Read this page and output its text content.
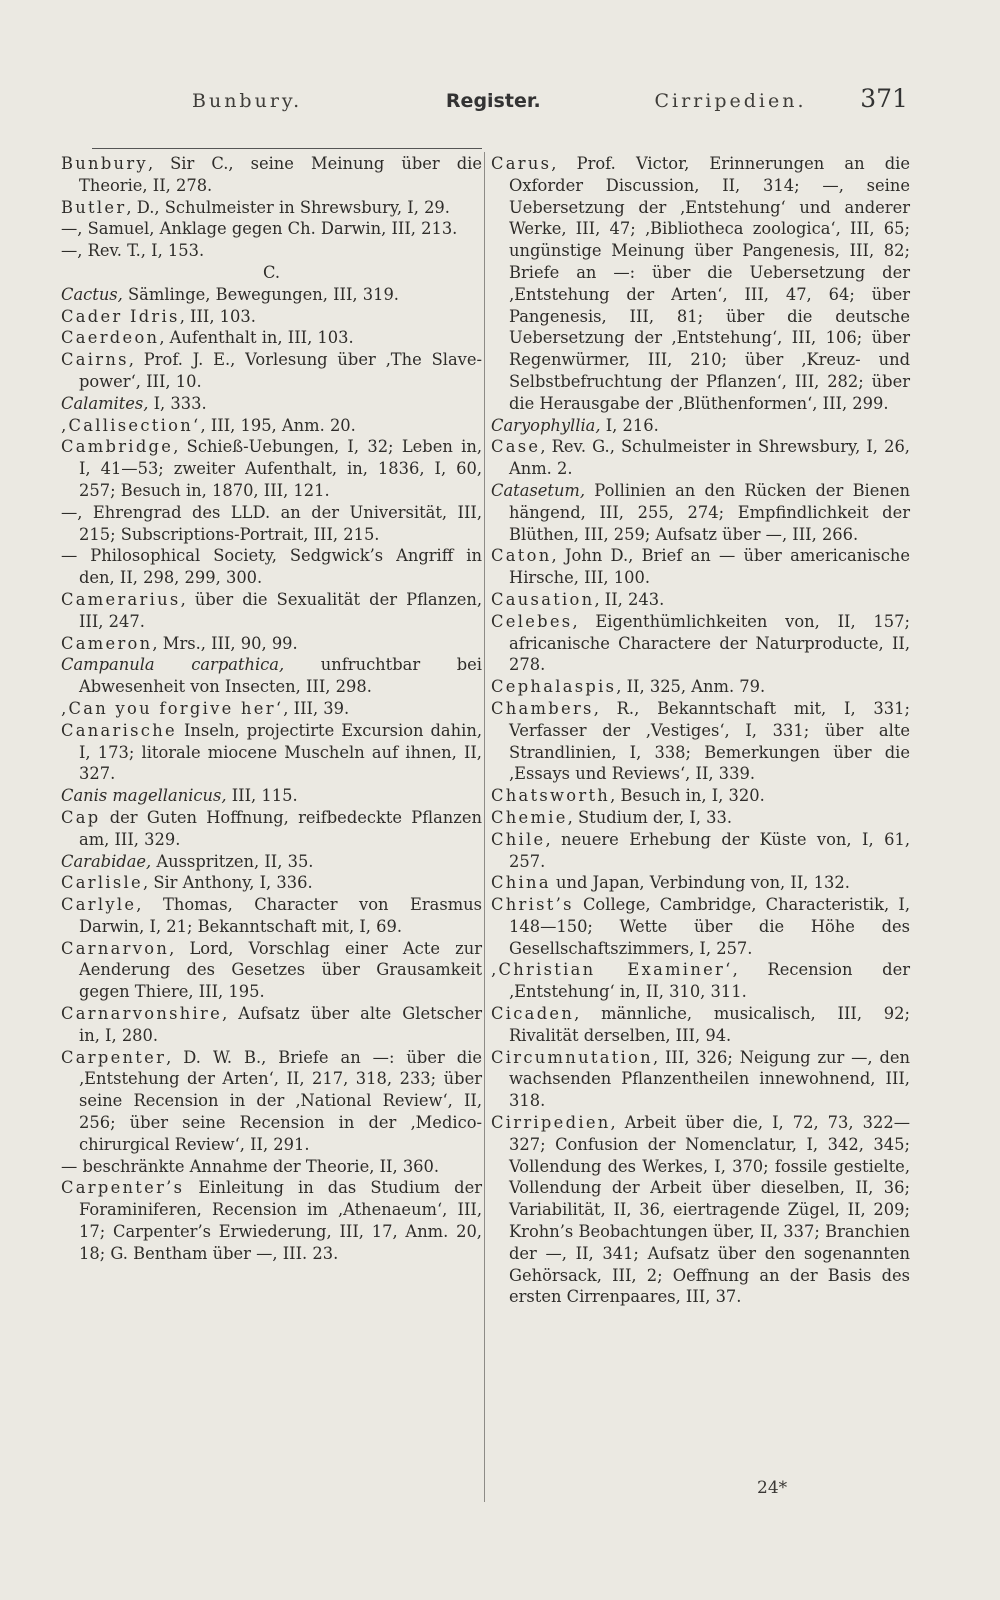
Bunbury.	Register.	Cirripedien. 371

Bunbury, Sir C., seine Meinung über die Theorie, II, 278.

Butler, D., Schulmeister in Shrewsbury, I, 29.

—, Samuel, Anklage gegen Ch. Darwin, III, 213.

—, Rev. T., I, 153.

C.

Cactus, Sämlinge, Bewegungen, III, 319.

Cader Idris, III, 103.

Caerdeon, Aufenthalt in, III, 103.

Cairns, Prof. J. E., Vorlesung über ‚The Slave-power‘, III, 10.

Calamites, I, 333.

‚Callisection‘, III, 195, Anm. 20.

Cambridge, Schieß-Uebungen, I, 32; Leben in, I, 41—53; zweiter Aufenthalt, in, 1836, I, 60, 257; Besuch in, 1870, III, 121.

—, Ehrengrad des LLD. an der Universität, III, 215; Subscriptions-Portrait, III, 215.

— Philosophical Society, Sedgwick’s Angriff in den, II, 298, 299, 300.

Camerarius, über die Sexualität der Pflanzen, III, 247.

Cameron, Mrs., III, 90, 99.

Campanula carpathica, unfruchtbar bei Abwesenheit von Insecten, III, 298.

‚Can you forgive her‘, III, 39.

Canarische Inseln, projectirte Excursion dahin, I, 173; litorale miocene Muscheln auf ihnen, II, 327.

Canis magellanicus, III, 115.

Cap der Guten Hoffnung, reifbedeckte Pflanzen am, III, 329.

Carabidae, Ausspritzen, II, 35.

Carlisle, Sir Anthony, I, 336.

Carlyle, Thomas, Character von Erasmus Darwin, I, 21; Bekanntschaft mit, I, 69.

Carnarvon, Lord, Vorschlag einer Acte zur Aenderung des Gesetzes über Grausamkeit gegen Thiere, III, 195.

Carnarvonshire, Aufsatz über alte Gletscher in, I, 280.

Carpenter, D. W. B., Briefe an —: über die ‚Entstehung der Arten‘, II, 217, 318, 233; über seine Recension in der ‚National Review‘, II, 256; über seine Recension in der ‚Medico-chirurgical Review‘, II, 291.

— beschränkte Annahme der Theorie, II, 360.

Carpenter’s Einleitung in das Studium der Foraminiferen, Recension im ‚Athenaeum‘, III, 17; Carpenter’s Erwiederung, III, 17, Anm. 20, 18; G. Bentham über —, III. 23.

Carus, Prof. Victor, Erinnerungen an die Oxforder Discussion, II, 314; —, seine Uebersetzung der ‚Entstehung‘ und anderer Werke, III, 47; ‚Bibliotheca zoologica‘, III, 65; ungünstige Meinung über Pangenesis, III, 82; Briefe an —: über die Uebersetzung der ‚Entstehung der Arten‘, III, 47, 64; über Pangenesis, III, 81; über die deutsche Uebersetzung der ‚Entstehung‘, III, 106; über Regenwürmer, III, 210; über ‚Kreuz- und Selbstbefruchtung der Pflanzen‘, III, 282; über die Herausgabe der ‚Blüthenformen‘, III, 299.

Caryophyllia, I, 216.

Case, Rev. G., Schulmeister in Shrewsbury, I, 26, Anm. 2.

Catasetum, Pollinien an den Rücken der Bienen hängend, III, 255, 274; Empfindlichkeit der Blüthen, III, 259; Aufsatz über —, III, 266.

Caton, John D., Brief an — über americanische Hirsche, III, 100.

Causation, II, 243.

Celebes, Eigenthümlichkeiten von, II, 157; africanische Charactere der Naturproducte, II, 278.

Cephalaspis, II, 325, Anm. 79.

Chambers, R., Bekanntschaft mit, I, 331; Verfasser der ‚Vestiges‘, I, 331; über alte Strandlinien, I, 338; Bemerkungen über die ‚Essays und Reviews‘, II, 339.

Chatsworth, Besuch in, I, 320.

Chemie, Studium der, I, 33.

Chile, neuere Erhebung der Küste von, I, 61, 257.

China und Japan, Verbindung von, II, 132.

Christ’s College, Cambridge, Characteristik, I, 148—150; Wette über die Höhe des Gesellschaftszimmers, I, 257.

‚Christian Examiner‘, Recension der ‚Entstehung‘ in, II, 310, 311.

Cicaden, männliche, musicalisch, III, 92; Rivalität derselben, III, 94.

Circumnutation, III, 326; Neigung zur —, den wachsenden Pflanzentheilen innewohnend, III, 318.

Cirripedien, Arbeit über die, I, 72, 73, 322—327; Confusion der Nomenclatur, I, 342, 345; Vollendung des Werkes, I, 370; fossile gestielte, Vollendung der Arbeit über dieselben, II, 36; Variabilität, II, 36, eiertragende Zügel, II, 209; Krohn’s Beobachtungen über, II, 337; Branchien der —, II, 341; Aufsatz über den sogenannten Gehörsack, III, 2; Oeffnung an der Basis des ersten Cirrenpaares, III, 37.

24*
